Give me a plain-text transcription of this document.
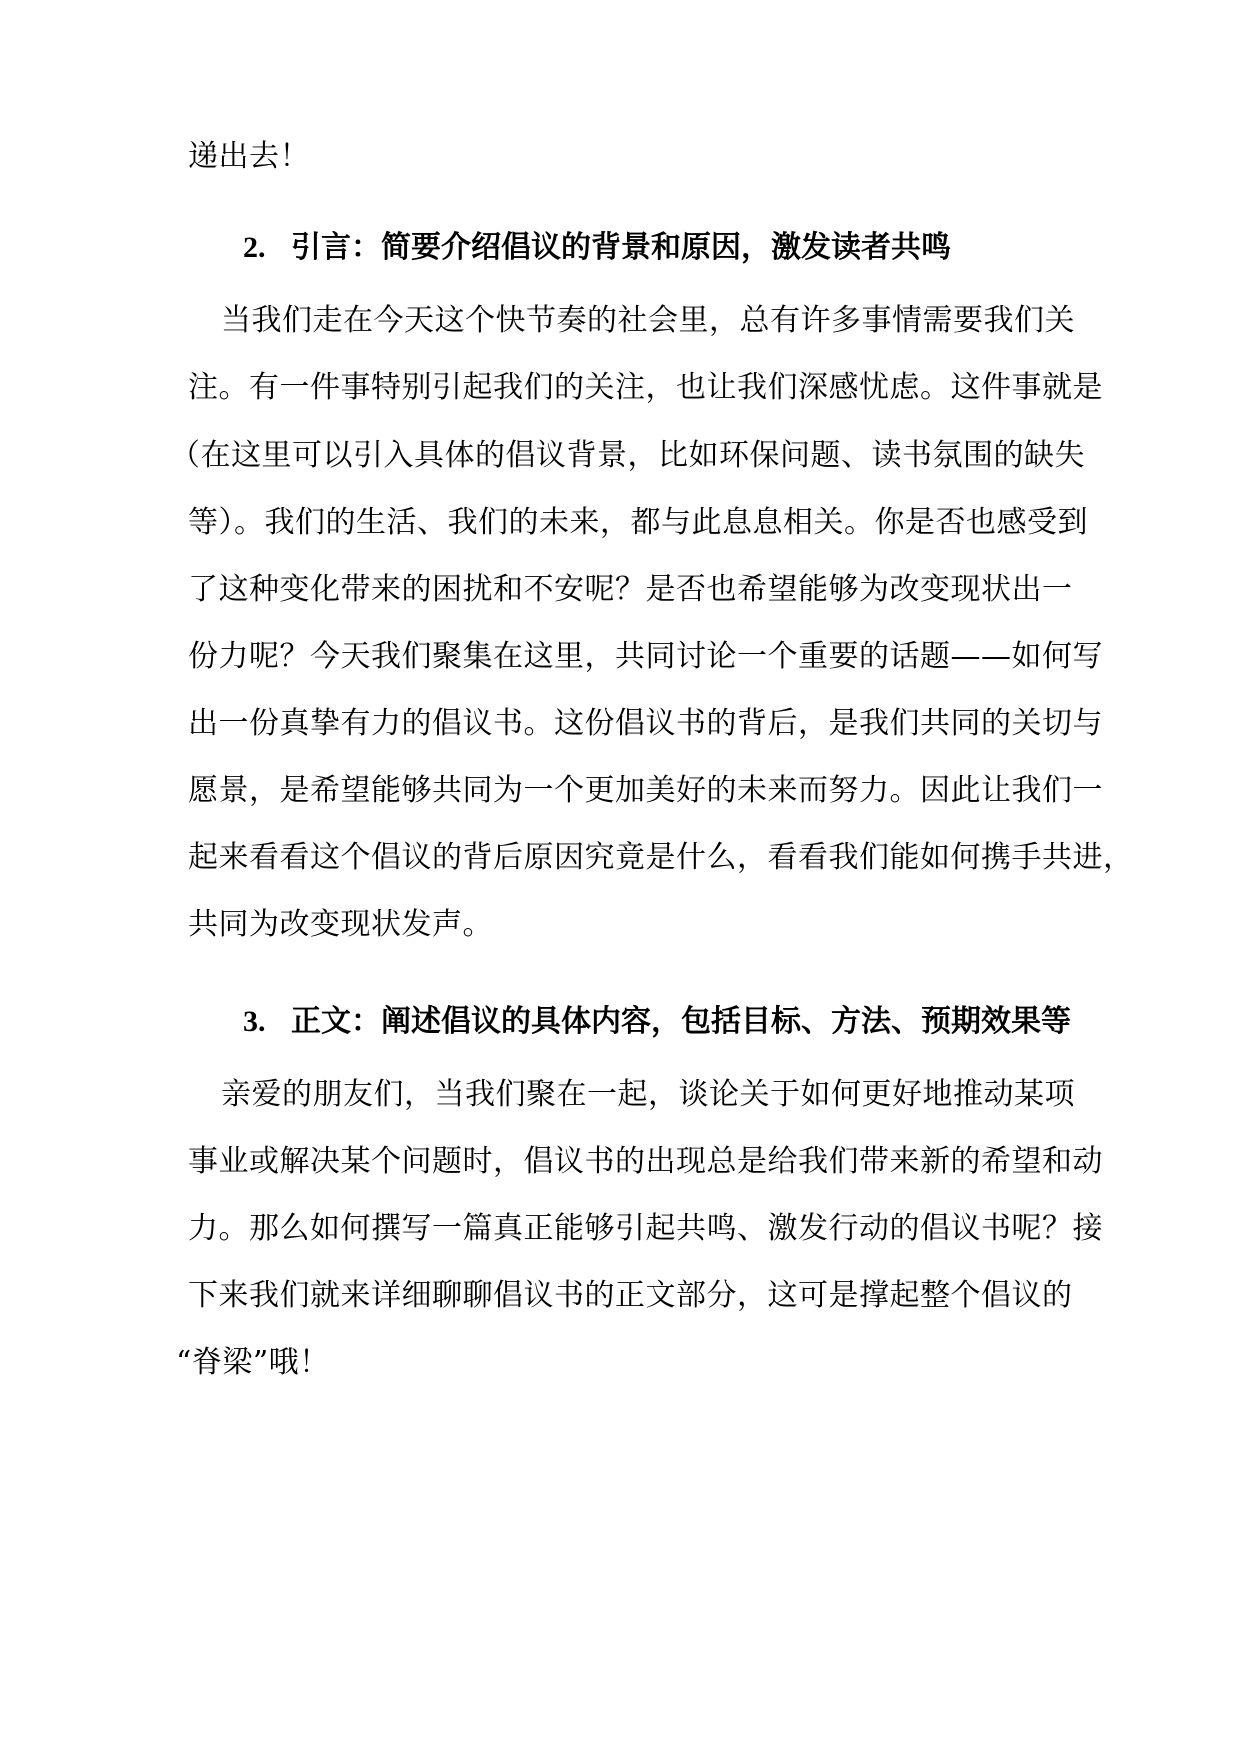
递出去！
2. 引言：简要介绍倡议的背景和原因，激发读者共鸣
当我们走在今天这个快节奏的社会里，总有许多事情需要我们关
注。有一件事特别引起我们的关注，也让我们深感忧虑。这件事就是
（在这里可以引入具体的倡议背景，比如环保问题、读书氛围的缺失
等）。我们的生活、我们的未来，都与此息息相关。你是否也感受到
了这种变化带来的困扰和不安呢？是否也希望能够为改变现状出一
份力呢？今天我们聚集在这里，共同讨论一个重要的话题——如何写
出一份真挚有力的倡议书。这份倡议书的背后，是我们共同的关切与
愿景，是希望能够共同为一个更加美好的未来而努力。因此让我们一
起来看看这个倡议的背后原因究竟是什么，看看我们能如何携手共进，
共同为改变现状发声。
3. 正文：阐述倡议的具体内容，包括目标、方法、预期效果等
亲爱的朋友们，当我们聚在一起，谈论关于如何更好地推动某项
事业或解决某个问题时，倡议书的出现总是给我们带来新的希望和动
力。那么如何撰写一篇真正能够引起共鸣、激发行动的倡议书呢？接
下来我们就来详细聊聊倡议书的正文部分，这可是撑起整个倡议的
“脊梁”哦！
